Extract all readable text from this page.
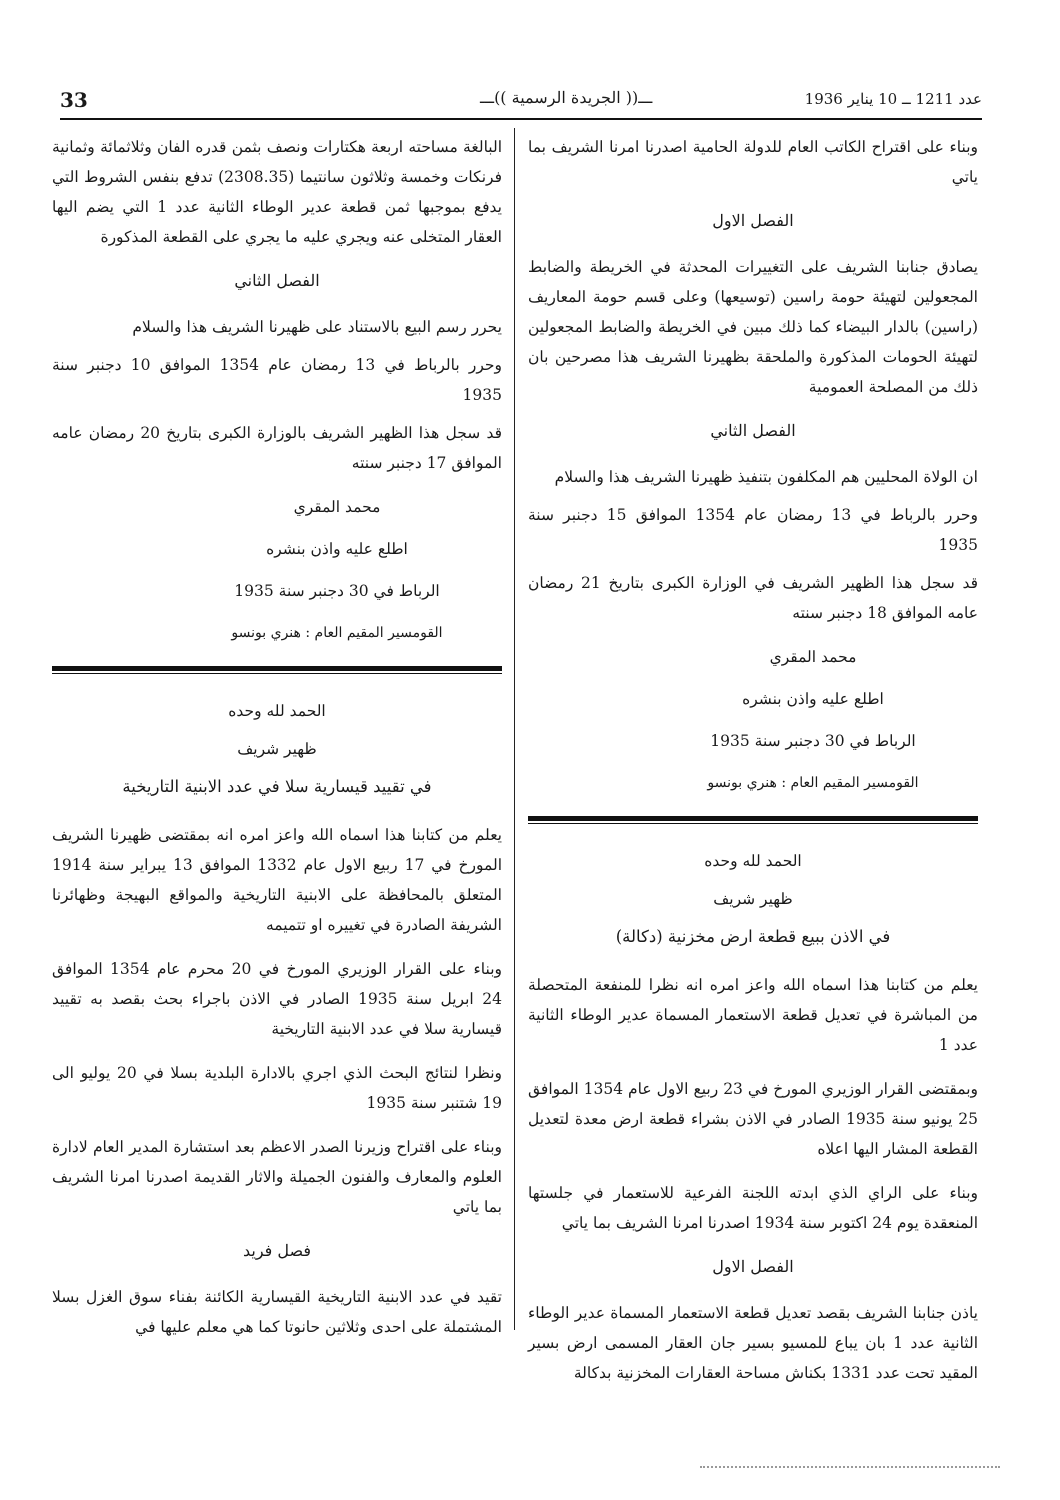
33	ـــ(( الجريدة الرسمية ))ـــ	عدد 1211 ــ 10 يناير 1936

وبناء على اقتراح الكاتب العام للدولة الحامية اصدرنا امرنا الشريف بما ياتي

الفصل الاول

يصادق جنابنا الشريف على التغييرات المحدثة في الخريطة والضابط المجعولين لتهيئة حومة راسين (توسيعها) وعلى قسم حومة المعاريف (راسين) بالدار البيضاء كما ذلك مبين في الخريطة والضابط المجعولين لتهيئة الحومات المذكورة والملحقة بظهيرنا الشريف هذا مصرحين بان ذلك من المصلحة العمومية

الفصل الثاني

ان الولاة المحليين هم المكلفون بتنفيذ ظهيرنا الشريف هذا والسلام

وحرر بالرباط في 13 رمضان عام 1354 الموافق 15 دجنبر سنة 1935

قد سجل هذا الظهير الشريف في الوزارة الكبرى بتاريخ 21 رمضان عامه الموافق 18 دجنبر سنته

محمد المقري
اطلع عليه واذن بنشره
الرباط في 30 دجنبر سنة 1935
القومسير المقيم العام : هنري بونسو
الحمد لله وحده
ظهير شريف
في الاذن ببيع قطعة ارض مخزنية (دكالة)

يعلم من كتابنا هذا اسماه الله واعز امره انه نظرا للمنفعة المتحصلة من المباشرة في تعديل قطعة الاستعمار المسماة عدير الوطاء الثانية عدد 1

وبمقتضى القرار الوزيري المورخ في 23 ربيع الاول عام 1354 الموافق 25 يونيو سنة 1935 الصادر في الاذن بشراء قطعة ارض معدة لتعديل القطعة المشار اليها اعلاه

وبناء على الراي الذي ابدته اللجنة الفرعية للاستعمار في جلستها المنعقدة يوم 24 اكتوبر سنة 1934 اصدرنا امرنا الشريف بما ياتي

الفصل الاول

ياذن جنابنا الشريف بقصد تعديل قطعة الاستعمار المسماة عدير الوطاء الثانية عدد 1 بان يباع للمسيو بسير جان العقار المسمى ارض بسير المقيد تحت عدد 1331 بكناش مساحة العقارات المخزنية بدكالة

البالغة مساحته اربعة هكتارات ونصف بثمن قدره الفان وثلاثمائة وثمانية فرنكات وخمسة وثلاثون سانتيما (2308.35) تدفع بنفس الشروط التي يدفع بموجبها ثمن قطعة عدير الوطاء الثانية عدد 1 التي يضم اليها العقار المتخلى عنه ويجري عليه ما يجري على القطعة المذكورة

الفصل الثاني

يحرر رسم البيع بالاستناد على ظهيرنا الشريف هذا والسلام

وحرر بالرباط في 13 رمضان عام 1354 الموافق 10 دجنبر سنة 1935

قد سجل هذا الظهير الشريف بالوزارة الكبرى بتاريخ 20 رمضان عامه الموافق 17 دجنبر سنته

محمد المقري
اطلع عليه واذن بنشره
الرباط في 30 دجنبر سنة 1935
القومسير المقيم العام : هنري بونسو
الحمد لله وحده
ظهير شريف
في تقييد قيسارية سلا في عدد الابنية التاريخية

يعلم من كتابنا هذا اسماه الله واعز امره انه بمقتضى ظهيرنا الشريف المورخ في 17 ربيع الاول عام 1332 الموافق 13 يبراير سنة 1914 المتعلق بالمحافظة على الابنية التاريخية والمواقع البهيجة وظهائرنا الشريفة الصادرة في تغييره او تتميمه

وبناء على القرار الوزيري المورخ في 20 محرم عام 1354 الموافق 24 ابريل سنة 1935 الصادر في الاذن باجراء بحث بقصد به تقييد قيسارية سلا في عدد الابنية التاريخية

ونظرا لنتائج البحث الذي اجري بالادارة البلدية بسلا في 20 يوليو الى 19 شتنبر سنة 1935

وبناء على اقتراح وزيرنا الصدر الاعظم بعد استشارة المدير العام لادارة العلوم والمعارف والفنون الجميلة والاثار القديمة اصدرنا امرنا الشريف بما ياتي

فصل فريد

تقيد في عدد الابنية التاريخية القيسارية الكائنة بفناء سوق الغزل بسلا المشتملة على احدى وثلاثين حانوتا كما هي معلم عليها في
